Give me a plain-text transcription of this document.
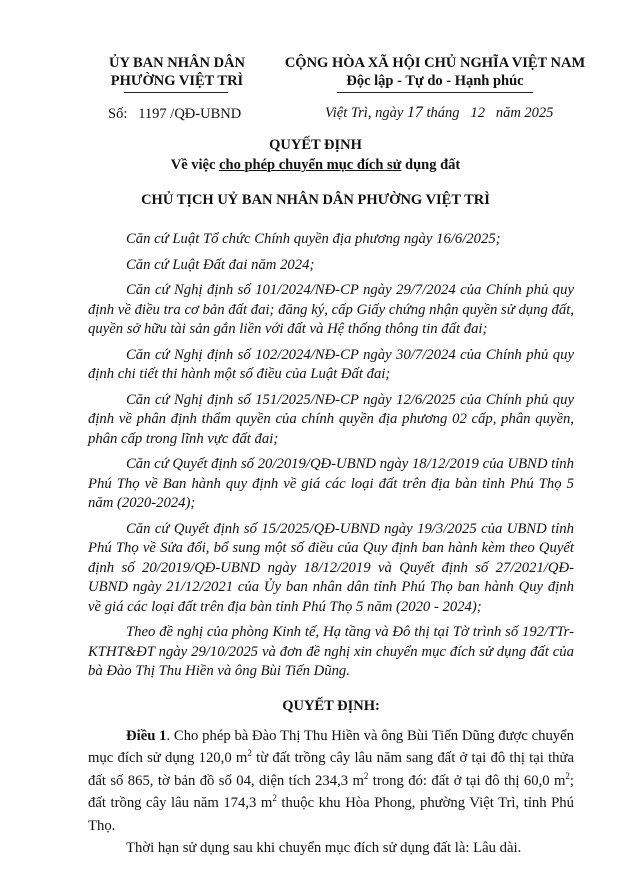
ỦY BAN NHÂN DÂN
PHƯỜNG VIỆT TRÌ
CỘNG HÒA XÃ HỘI CHỦ NGHĨA VIỆT NAM
Độc lập - Tự do - Hạnh phúc
Số: 1197 /QĐ-UBND	Việt Trì, ngày 17 tháng 12 năm 2025
QUYẾT ĐỊNH
Về việc cho phép chuyển mục đích sử dụng đất
CHỦ TỊCH UỶ BAN NHÂN DÂN PHƯỜNG VIỆT TRÌ

Căn cứ Luật Tổ chức Chính quyền địa phương ngày 16/6/2025;

Căn cứ Luật Đất đai năm 2024;

Căn cứ Nghị định số 101/2024/NĐ-CP ngày 29/7/2024 của Chính phủ quy định về điều tra cơ bản đất đai; đăng ký, cấp Giấy chứng nhận quyền sử dụng đất, quyền sở hữu tài sản gắn liền với đất và Hệ thống thông tin đất đai;

Căn cứ Nghị định số 102/2024/NĐ-CP ngày 30/7/2024 của Chính phủ quy định chi tiết thi hành một số điều của Luật Đất đai;

Căn cứ Nghị định số 151/2025/NĐ-CP ngày 12/6/2025 của Chính phủ quy định về phân định thẩm quyền của chính quyền địa phương 02 cấp, phân quyền, phân cấp trong lĩnh vực đất đai;

Căn cứ Quyết định số 20/2019/QĐ-UBND ngày 18/12/2019 của UBND tỉnh Phú Thọ về Ban hành quy định về giá các loại đất trên địa bàn tỉnh Phú Thọ 5 năm (2020-2024);

Căn cứ Quyết định số 15/2025/QĐ-UBND ngày 19/3/2025 của UBND tỉnh Phú Thọ về Sửa đổi, bổ sung một số điều của Quy định ban hành kèm theo Quyết định số 20/2019/QĐ-UBND ngày 18/12/2019 và Quyết định số 27/2021/QĐ-UBND ngày 21/12/2021 của Ủy ban nhân dân tỉnh Phú Thọ ban hành Quy định về giá các loại đất trên địa bàn tỉnh Phú Thọ 5 năm (2020 - 2024);

Theo đề nghị của phòng Kinh tế, Hạ tầng và Đô thị tại Tờ trình số 192/TTr-KTHT&ĐT ngày 29/10/2025 và đơn đề nghị xin chuyển mục đích sử dụng đất của bà Đào Thị Thu Hiền và ông Bùi Tiến Dũng.

QUYẾT ĐỊNH:

Điều 1. Cho phép bà Đào Thị Thu Hiền và ông Bùi Tiến Dũng được chuyển mục đích sử dụng 120,0 $m^2$ từ đất trồng cây lâu năm sang đất ở tại đô thị tại thửa đất số 865, tờ bản đồ số 04, diện tích 234,3 $m^2$ trong đó: đất ở tại đô thị 60,0 $m^2$; đất trồng cây lâu năm 174,3 $m^2$ thuộc khu Hòa Phong, phường Việt Trì, tỉnh Phú Thọ.

Thời hạn sử dụng sau khi chuyển mục đích sử dụng đất là: Lâu dài.
